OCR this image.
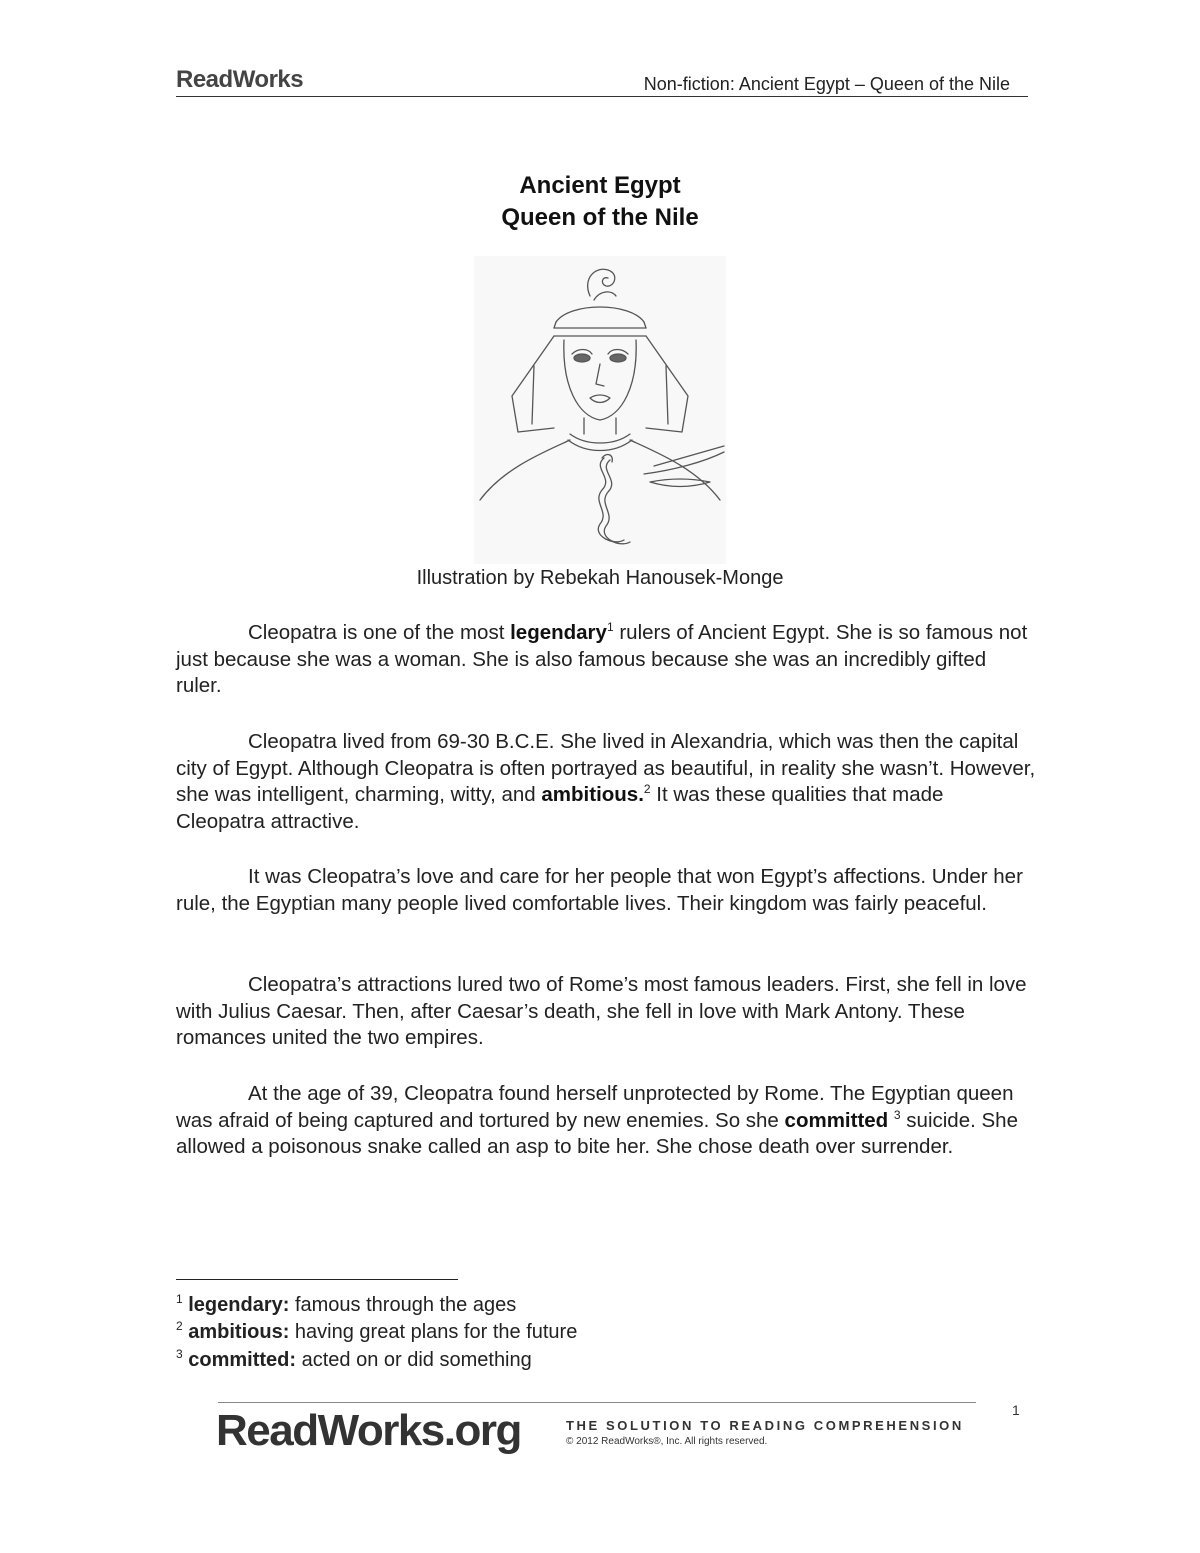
ReadWorks	Non-fiction: Ancient Egypt – Queen of the Nile
Ancient Egypt
Queen of the Nile
Illustration by Rebekah Hanousek-Monge

Cleopatra is one of the most legendary$^1$ rulers of Ancient Egypt. She is so famous not just because she was a woman. She is also famous because she was an incredibly gifted ruler.

Cleopatra lived from 69-30 B.C.E. She lived in Alexandria, which was then the capital city of Egypt. Although Cleopatra is often portrayed as beautiful, in reality she wasn’t. However, she was intelligent, charming, witty, and ambitious.$^2$ It was these qualities that made Cleopatra attractive.

It was Cleopatra’s love and care for her people that won Egypt’s affections. Under her rule, the Egyptian many people lived comfortable lives. Their kingdom was fairly peaceful.

Cleopatra’s attractions lured two of Rome’s most famous leaders. First, she fell in love with Julius Caesar. Then, after Caesar’s death, she fell in love with Mark Antony. These romances united the two empires.

At the age of 39, Cleopatra found herself unprotected by Rome. The Egyptian queen was afraid of being captured and tortured by new enemies. So she committed $^3$ suicide. She allowed a poisonous snake called an asp to bite her. She chose death over surrender.

$^1$ legendary: famous through the ages
$^2$ ambitious: having great plans for the future
$^3$ committed: acted on or did something
1
ReadWorks.org	THE SOLUTION TO READING COMPREHENSION
© 2012 ReadWorks®, Inc. All rights reserved.
